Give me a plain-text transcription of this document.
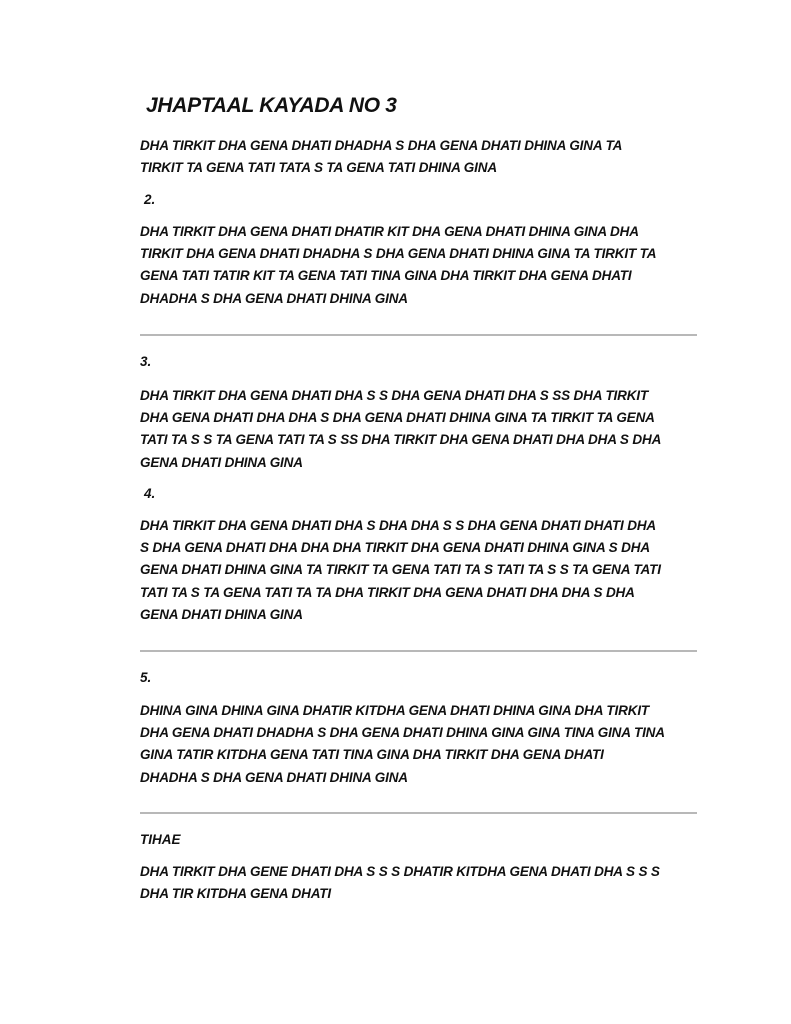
JHAPTAAL KAYADA NO 3
DHA TIRKIT DHA GENA DHATI DHADHA S DHA GENA DHATI DHINA GINA TA
TIRKIT TA GENA TATI TATA S TA GENA TATI DHINA GINA
2.
DHA TIRKIT DHA GENA DHATI DHATIR KIT DHA GENA DHATI DHINA GINA DHA
TIRKIT DHA GENA DHATI DHADHA S DHA GENA DHATI DHINA GINA TA TIRKIT TA
GENA TATI TATIR KIT TA GENA TATI TINA GINA DHA TIRKIT DHA GENA DHATI
DHADHA S DHA GENA DHATI DHINA GINA
3.
DHA TIRKIT DHA GENA DHATI DHA S S DHA GENA DHATI DHA S SS DHA TIRKIT
DHA GENA DHATI DHA DHA S DHA GENA DHATI DHINA GINA TA TIRKIT TA GENA
TATI TA S S TA GENA TATI TA S SS DHA TIRKIT DHA GENA DHATI DHA DHA S DHA
GENA DHATI DHINA GINA
4.
DHA TIRKIT DHA GENA DHATI DHA S DHA DHA S S DHA GENA DHATI DHATI DHA
S DHA GENA DHATI DHA DHA DHA TIRKIT DHA GENA DHATI DHINA GINA S DHA
GENA DHATI DHINA GINA TA TIRKIT TA GENA TATI TA S TATI TA S S TA GENA TATI
TATI TA S TA GENA TATI TA TA DHA TIRKIT DHA GENA DHATI DHA DHA S DHA
GENA DHATI DHINA GINA
5.
DHINA GINA DHINA GINA DHATIR KITDHA GENA DHATI DHINA GINA DHA TIRKIT
DHA GENA DHATI DHADHA S DHA GENA DHATI DHINA GINA GINA TINA GINA TINA
GINA TATIR KITDHA GENA TATI TINA GINA DHA TIRKIT DHA GENA DHATI
DHADHA S DHA GENA DHATI DHINA GINA
TIHAE
DHA TIRKIT DHA GENE DHATI DHA S S S DHATIR KITDHA GENA DHATI DHA S S S
DHA TIR KITDHA GENA DHATI
